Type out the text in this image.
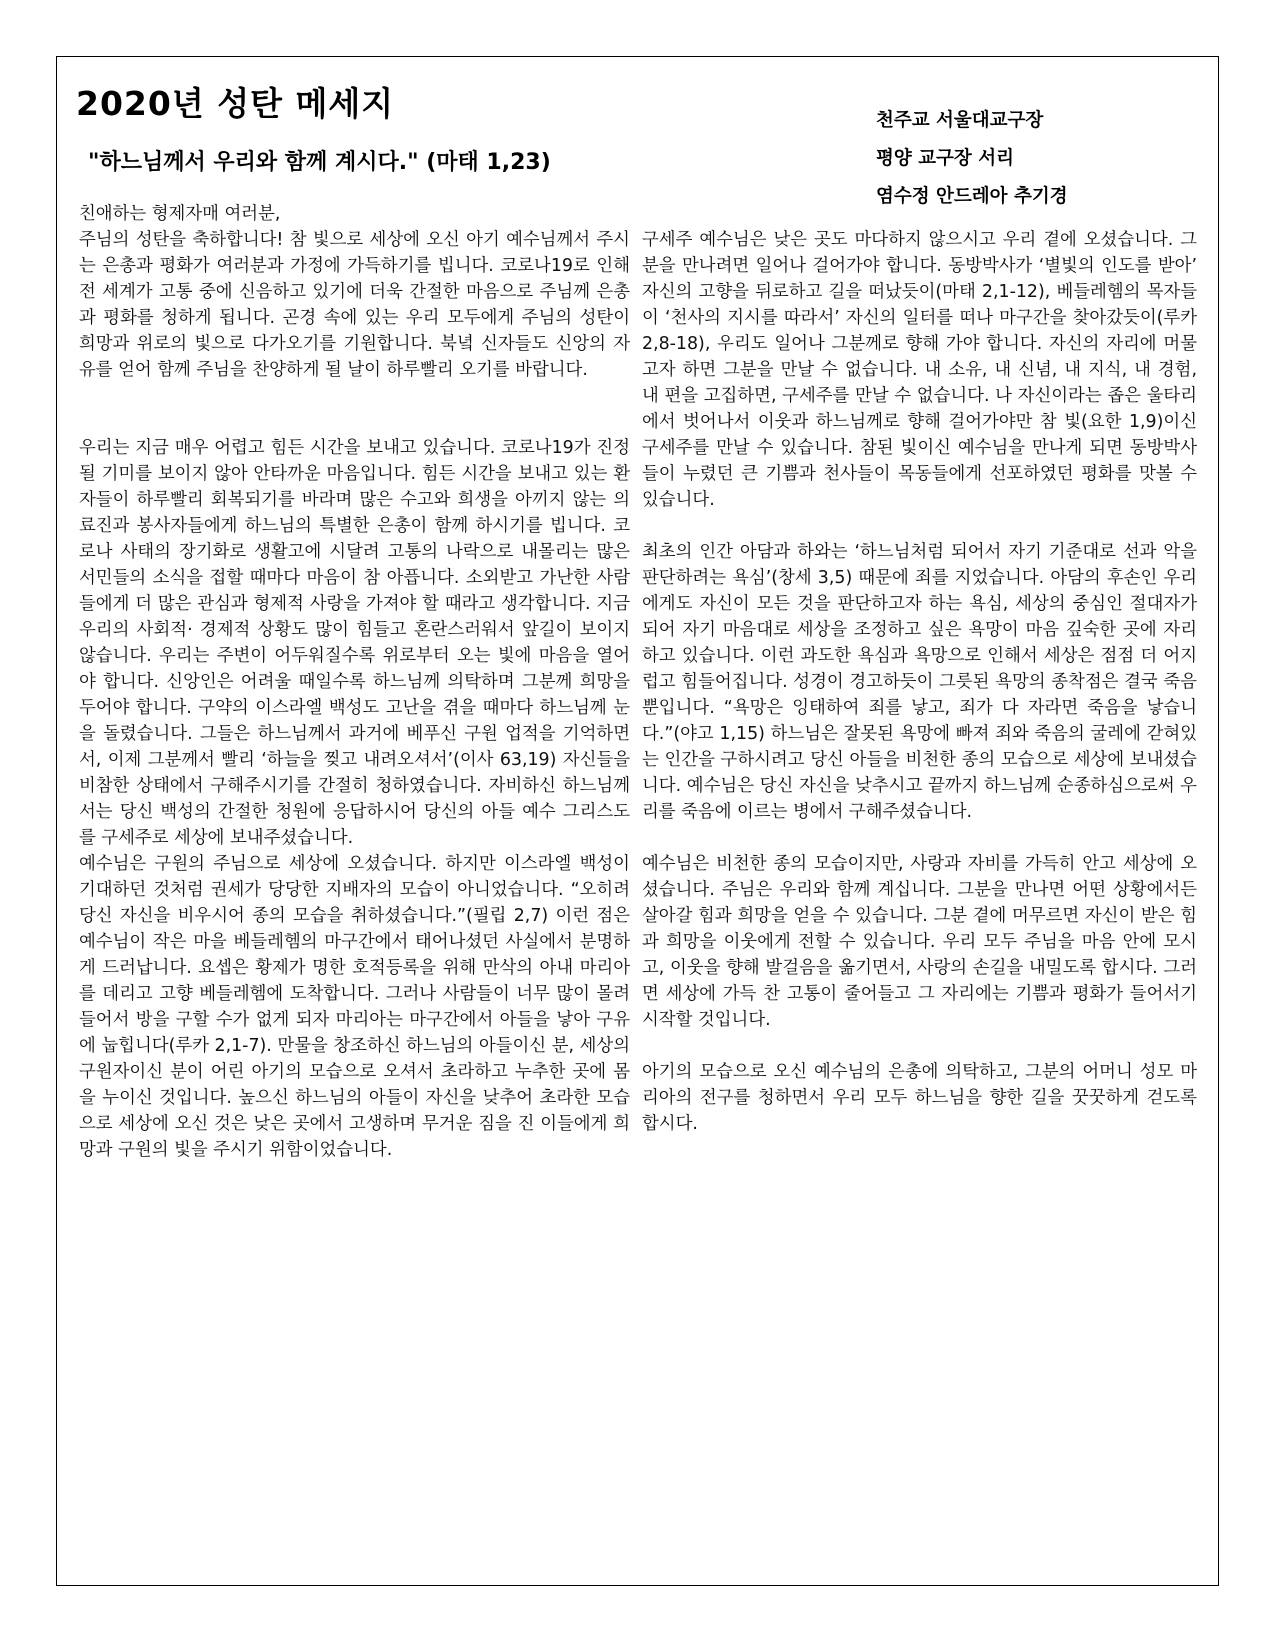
2020년 성탄 메세지
"하느님께서 우리와 함께 계시다." (마태 1,23)
천주교 서울대교구장
평양 교구장 서리
염수정 안드레아 추기경

친애하는 형제자매 여러분,

주님의 성탄을 축하합니다! 참 빛으로 세상에 오신 아기 예수님께서 주시는 은총과 평화가 여러분과 가정에 가득하기를 빕니다. 코로나19로 인해 전 세계가 고통 중에 신음하고 있기에 더욱 간절한 마음으로 주님께 은총과 평화를 청하게 됩니다. 곤경 속에 있는 우리 모두에게 주님의 성탄이 희망과 위로의 빛으로 다가오기를 기원합니다. 북녘 신자들도 신앙의 자유를 얻어 함께 주님을 찬양하게 될 날이 하루빨리 오기를 바랍니다.

우리는 지금 매우 어렵고 힘든 시간을 보내고 있습니다. 코로나19가 진정될 기미를 보이지 않아 안타까운 마음입니다. 힘든 시간을 보내고 있는 환자들이 하루빨리 회복되기를 바라며 많은 수고와 희생을 아끼지 않는 의료진과 봉사자들에게 하느님의 특별한 은총이 함께 하시기를 빕니다. 코로나 사태의 장기화로 생활고에 시달려 고통의 나락으로 내몰리는 많은 서민들의 소식을 접할 때마다 마음이 참 아픕니다. 소외받고 가난한 사람들에게 더 많은 관심과 형제적 사랑을 가져야 할 때라고 생각합니다. 지금 우리의 사회적· 경제적 상황도 많이 힘들고 혼란스러워서 앞길이 보이지 않습니다. 우리는 주변이 어두워질수록 위로부터 오는 빛에 마음을 열어야 합니다. 신앙인은 어려울 때일수록 하느님께 의탁하며 그분께 희망을 두어야 합니다. 구약의 이스라엘 백성도 고난을 겪을 때마다 하느님께 눈을 돌렸습니다. 그들은 하느님께서 과거에 베푸신 구원 업적을 기억하면서, 이제 그분께서 빨리 ‘하늘을 찢고 내려오셔서’(이사 63,19) 자신들을 비참한 상태에서 구해주시기를 간절히 청하였습니다. 자비하신 하느님께서는 당신 백성의 간절한 청원에 응답하시어 당신의 아들 예수 그리스도를 구세주로 세상에 보내주셨습니다.

예수님은 구원의 주님으로 세상에 오셨습니다. 하지만 이스라엘 백성이 기대하던 것처럼 권세가 당당한 지배자의 모습이 아니었습니다. “오히려 당신 자신을 비우시어 종의 모습을 취하셨습니다.”(필립 2,7) 이런 점은 예수님이 작은 마을 베들레헴의 마구간에서 태어나셨던 사실에서 분명하게 드러납니다. 요셉은 황제가 명한 호적등록을 위해 만삭의 아내 마리아를 데리고 고향 베들레헴에 도착합니다. 그러나 사람들이 너무 많이 몰려들어서 방을 구할 수가 없게 되자 마리아는 마구간에서 아들을 낳아 구유에 눕힙니다(루카 2,1-7). 만물을 창조하신 하느님의 아들이신 분, 세상의 구원자이신 분이 어린 아기의 모습으로 오셔서 초라하고 누추한 곳에 몸을 누이신 것입니다. 높으신 하느님의 아들이 자신을 낮추어 초라한 모습으로 세상에 오신 것은 낮은 곳에서 고생하며 무거운 짐을 진 이들에게 희망과 구원의 빛을 주시기 위함이었습니다.

구세주 예수님은 낮은 곳도 마다하지 않으시고 우리 곁에 오셨습니다. 그분을 만나려면 일어나 걸어가야 합니다. 동방박사가 ‘별빛의 인도를 받아’ 자신의 고향을 뒤로하고 길을 떠났듯이(마태 2,1-12), 베들레헴의 목자들이 ‘천사의 지시를 따라서’ 자신의 일터를 떠나 마구간을 찾아갔듯이(루카 2,8-18), 우리도 일어나 그분께로 향해 가야 합니다. 자신의 자리에 머물고자 하면 그분을 만날 수 없습니다. 내 소유, 내 신념, 내 지식, 내 경험, 내 편을 고집하면, 구세주를 만날 수 없습니다. 나 자신이라는 좁은 울타리에서 벗어나서 이웃과 하느님께로 향해 걸어가야만 참 빛(요한 1,9)이신 구세주를 만날 수 있습니다. 참된 빛이신 예수님을 만나게 되면 동방박사들이 누렸던 큰 기쁨과 천사들이 목동들에게 선포하였던 평화를 맛볼 수 있습니다.

최초의 인간 아담과 하와는 ‘하느님처럼 되어서 자기 기준대로 선과 악을 판단하려는 욕심’(창세 3,5) 때문에 죄를 지었습니다. 아담의 후손인 우리에게도 자신이 모든 것을 판단하고자 하는 욕심, 세상의 중심인 절대자가 되어 자기 마음대로 세상을 조정하고 싶은 욕망이 마음 깊숙한 곳에 자리하고 있습니다. 이런 과도한 욕심과 욕망으로 인해서 세상은 점점 더 어지럽고 힘들어집니다. 성경이 경고하듯이 그릇된 욕망의 종착점은 결국 죽음뿐입니다. “욕망은 잉태하여 죄를 낳고, 죄가 다 자라면 죽음을 낳습니다.”(야고 1,15) 하느님은 잘못된 욕망에 빠져 죄와 죽음의 굴레에 갇혀있는 인간을 구하시려고 당신 아들을 비천한 종의 모습으로 세상에 보내셨습니다. 예수님은 당신 자신을 낮추시고 끝까지 하느님께 순종하심으로써 우리를 죽음에 이르는 병에서 구해주셨습니다.

예수님은 비천한 종의 모습이지만, 사랑과 자비를 가득히 안고 세상에 오셨습니다. 주님은 우리와 함께 계십니다. 그분을 만나면 어떤 상황에서든 살아갈 힘과 희망을 얻을 수 있습니다. 그분 곁에 머무르면 자신이 받은 힘과 희망을 이웃에게 전할 수 있습니다. 우리 모두 주님을 마음 안에 모시고, 이웃을 향해 발걸음을 옮기면서, 사랑의 손길을 내밀도록 합시다. 그러면 세상에 가득 찬 고통이 줄어들고 그 자리에는 기쁨과 평화가 들어서기 시작할 것입니다.

아기의 모습으로 오신 예수님의 은총에 의탁하고, 그분의 어머니 성모 마리아의 전구를 청하면서 우리 모두 하느님을 향한 길을 꿋꿋하게 걷도록 합시다.
